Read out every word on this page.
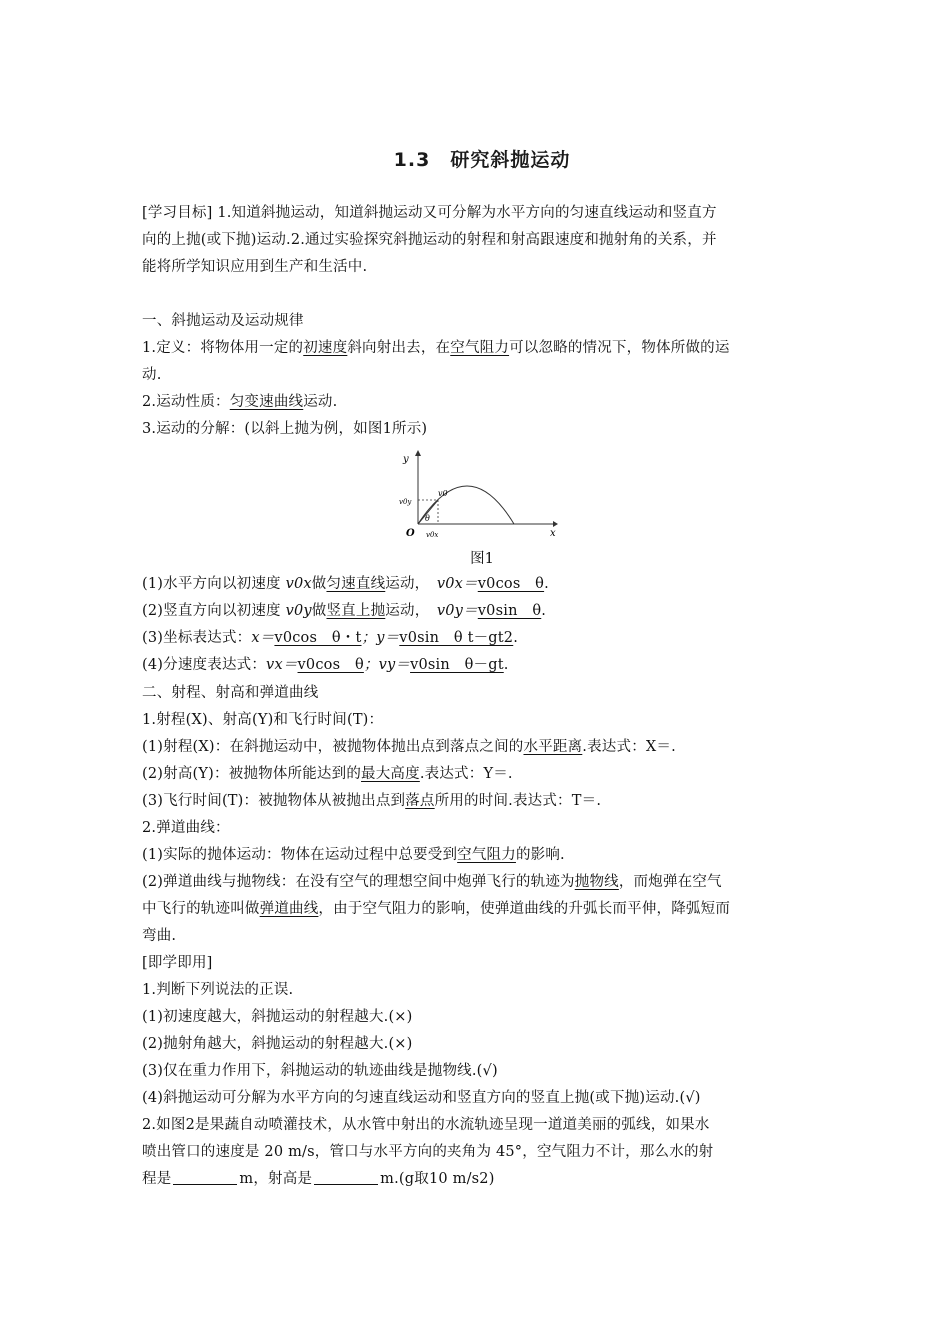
1.3　研究斜抛运动
[学习目标] 1.知道斜抛运动，知道斜抛运动又可分解为水平方向的匀速直线运动和竖直方
向的上抛(或下抛)运动.2.通过实验探究斜抛运动的射程和射高跟速度和抛射角的关系，并
能将所学知识应用到生产和生活中.
一、斜抛运动及运动规律
1.定义：将物体用一定的初速度斜向射出去，在空气阻力可以忽略的情况下，物体所做的运
动.
2.运动性质：匀变速曲线运动.
3.运动的分解：(以斜上抛为例，如图1所示)
y
x
O
v0
v0y
v0x
θ
图1
(1)水平方向以初速度 v0x做匀速直线运动，　 v0x＝v0cos　θ.
(2)竖直方向以初速度 v0y做竖直上抛运动，　 v0y＝v0sin　θ.
(3)坐标表达式：x＝v0cos　θ・t；y＝v0sin　θ t－gt2.
(4)分速度表达式：vx＝v0cos　θ；vy＝v0sin　θ－gt.
二、射程、射高和弹道曲线
1.射程(X)、射高(Y)和飞行时间(T)：
(1)射程(X)：在斜抛运动中，被抛物体抛出点到落点之间的水平距离.表达式：X＝.
(2)射高(Y)：被抛物体所能达到的最大高度.表达式：Y＝.
(3)飞行时间(T)：被抛物体从被抛出点到落点所用的时间.表达式：T＝.
2.弹道曲线：
(1)实际的抛体运动：物体在运动过程中总要受到空气阻力的影响.
(2)弹道曲线与抛物线：在没有空气的理想空间中炮弹飞行的轨迹为抛物线，而炮弹在空气
中飞行的轨迹叫做弹道曲线，由于空气阻力的影响，使弹道曲线的升弧长而平伸，降弧短而
弯曲.
[即学即用]
1.判断下列说法的正误.
(1)初速度越大，斜抛运动的射程越大.(×)
(2)抛射角越大，斜抛运动的射程越大.(×)
(3)仅在重力作用下，斜抛运动的轨迹曲线是抛物线.(√)
(4)斜抛运动可分解为水平方向的匀速直线运动和竖直方向的竖直上抛(或下抛)运动.(√)
2.如图2是果蔬自动喷灌技术，从水管中射出的水流轨迹呈现一道道美丽的弧线，如果水
喷出管口的速度是 20 m/s，管口与水平方向的夹角为 45°，空气阻力不计，那么水的射
程是	m，射高是	m.(g取10 m/s2)
